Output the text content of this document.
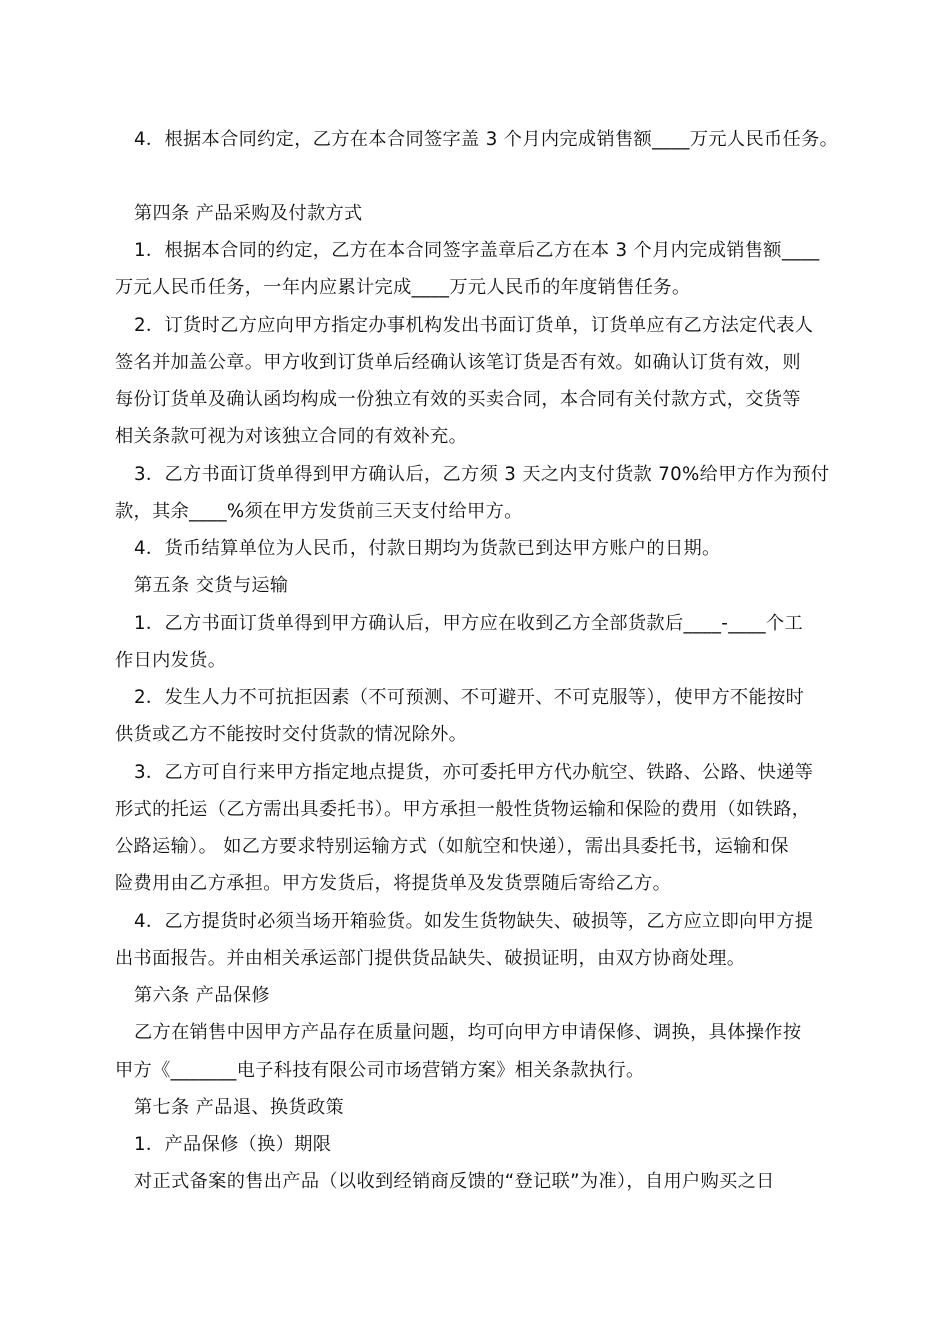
4．根据本合同约定，乙方在本合同签字盖 3 个月内完成销售额____万元人民币任务。
第四条 产品采购及付款方式
1．根据本合同的约定，乙方在本合同签字盖章后乙方在本 3 个月内完成销售额____
万元人民币任务，一年内应累计完成____万元人民币的年度销售任务。
2．订货时乙方应向甲方指定办事机构发出书面订货单，订货单应有乙方法定代表人
签名并加盖公章。甲方收到订货单后经确认该笔订货是否有效。如确认订货有效，则
每份订货单及确认函均构成一份独立有效的买卖合同，本合同有关付款方式，交货等
相关条款可视为对该独立合同的有效补充。
3．乙方书面订货单得到甲方确认后，乙方须 3 天之内支付货款 70%给甲方作为预付
款，其余____%须在甲方发货前三天支付给甲方。
4．货币结算单位为人民币，付款日期均为货款已到达甲方账户的日期。
第五条 交货与运输
1．乙方书面订货单得到甲方确认后，甲方应在收到乙方全部货款后____-____个工
作日内发货。
2．发生人力不可抗拒因素（不可预测、不可避开、不可克服等），使甲方不能按时
供货或乙方不能按时交付货款的情况除外。
3．乙方可自行来甲方指定地点提货，亦可委托甲方代办航空、铁路、公路、快递等
形式的托运（乙方需出具委托书）。甲方承担一般性货物运输和保险的费用（如铁路，
公路运输）。 如乙方要求特别运输方式（如航空和快递），需出具委托书，运输和保
险费用由乙方承担。甲方发货后，将提货单及发货票随后寄给乙方。
4．乙方提货时必须当场开箱验货。如发生货物缺失、破损等，乙方应立即向甲方提
出书面报告。并由相关承运部门提供货品缺失、破损证明，由双方协商处理。
第六条 产品保修
乙方在销售中因甲方产品存在质量问题，均可向甲方申请保修、调换，具体操作按
甲方《_______电子科技有限公司市场营销方案》相关条款执行。
第七条 产品退、换货政策
1．产品保修（换）期限
对正式备案的售出产品（以收到经销商反馈的“登记联”为准），自用户购买之日
